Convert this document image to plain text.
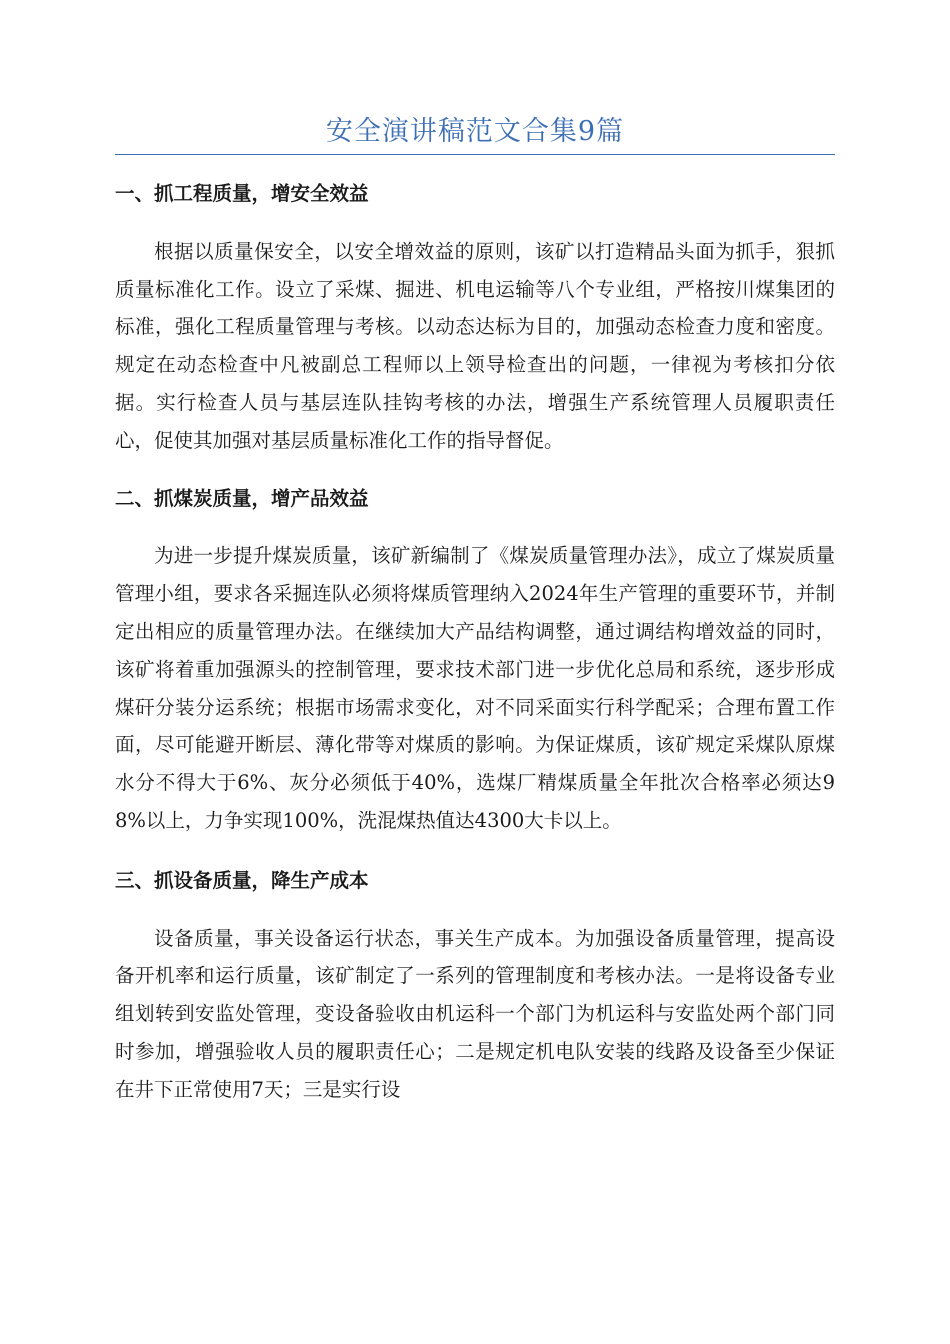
安全演讲稿范文合集9篇
一、抓工程质量，增安全效益

根据以质量保安全，以安全增效益的原则，该矿以打造精品头面为抓手，狠抓质量标准化工作。设立了采煤、掘进、机电运输等八个专业组，严格按川煤集团的标准，强化工程质量管理与考核。以动态达标为目的，加强动态检查力度和密度。规定在动态检查中凡被副总工程师以上领导检查出的问题，一律视为考核扣分依据。实行检查人员与基层连队挂钩考核的办法，增强生产系统管理人员履职责任心，促使其加强对基层质量标准化工作的指导督促。

二、抓煤炭质量，增产品效益

为进一步提升煤炭质量，该矿新编制了《煤炭质量管理办法》，成立了煤炭质量管理小组，要求各采掘连队必须将煤质管理纳入2024年生产管理的重要环节，并制定出相应的质量管理办法。在继续加大产品结构调整，通过调结构增效益的同时，该矿将着重加强源头的控制管理，要求技术部门进一步优化总局和系统，逐步形成煤矸分装分运系统；根据市场需求变化，对不同采面实行科学配采；合理布置工作面，尽可能避开断层、薄化带等对煤质的影响。为保证煤质，该矿规定采煤队原煤水分不得大于6%、灰分必须低于40%，选煤厂精煤质量全年批次合格率必须达98%以上，力争实现100%，洗混煤热值达4300大卡以上。

三、抓设备质量，降生产成本

设备质量，事关设备运行状态，事关生产成本。为加强设备质量管理，提高设备开机率和运行质量，该矿制定了一系列的管理制度和考核办法。一是将设备专业组划转到安监处管理，变设备验收由机运科一个部门为机运科与安监处两个部门同时参加，增强验收人员的履职责任心；二是规定机电队安装的线路及设备至少保证在井下正常使用7天；三是实行设
